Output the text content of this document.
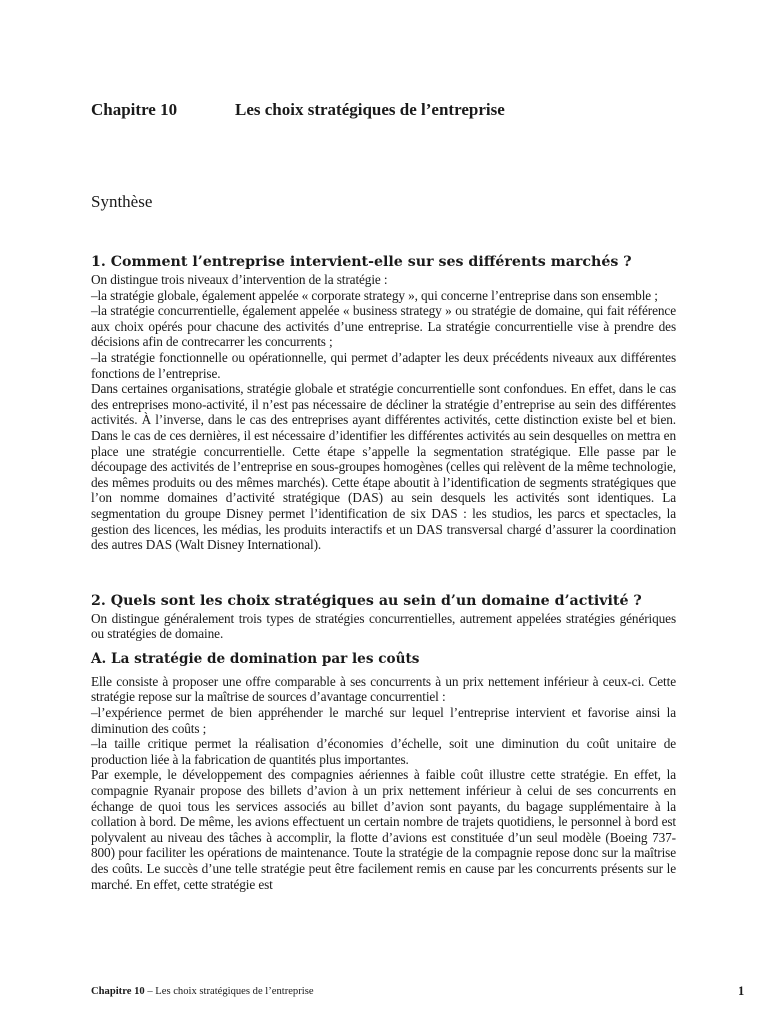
Chapitre 10	Les choix stratégiques de l’entreprise
Synthèse
1. Comment l’entreprise intervient-elle sur ses différents marchés ?

On distingue trois niveaux d’intervention de la stratégie :

–la stratégie globale, également appelée « corporate strategy », qui concerne l’entreprise dans son ensemble ;

–la stratégie concurrentielle, également appelée « business strategy » ou stratégie de domaine, qui fait référence aux choix opérés pour chacune des activités d’une entreprise. La stratégie concurrentielle vise à prendre des décisions afin de contrecarrer les concurrents ;

–la stratégie fonctionnelle ou opérationnelle, qui permet d’adapter les deux précédents niveaux aux différentes fonctions de l’entreprise.

Dans certaines organisations, stratégie globale et stratégie concurrentielle sont confondues. En effet, dans le cas des entreprises mono-activité, il n’est pas nécessaire de décliner la stratégie d’entreprise au sein des différentes activités. À l’inverse, dans le cas des entreprises ayant différentes activités, cette distinction existe bel et bien. Dans le cas de ces dernières, il est nécessaire d’identifier les différentes activités au sein desquelles on mettra en place une stratégie concurrentielle. Cette étape s’appelle la segmentation stratégique. Elle passe par le découpage des activités de l’entreprise en sous-groupes homogènes (celles qui relèvent de la même technologie, des mêmes produits ou des mêmes marchés). Cette étape aboutit à l’identification de segments stratégiques que l’on nomme domaines d’activité stratégique (DAS) au sein desquels les activités sont identiques. La segmentation du groupe Disney permet l’identification de six DAS : les studios, les parcs et spectacles, la gestion des licences, les médias, les produits interactifs et un DAS transversal chargé d’assurer la coordination des autres DAS (Walt Disney International).

2. Quels sont les choix stratégiques au sein d’un domaine d’activité ?

On distingue généralement trois types de stratégies concurrentielles, autrement appelées stratégies génériques ou stratégies de domaine.

A. La stratégie de domination par les coûts

Elle consiste à proposer une offre comparable à ses concurrents à un prix nettement inférieur à ceux-ci. Cette stratégie repose sur la maîtrise de sources d’avantage concurrentiel :

–l’expérience permet de bien appréhender le marché sur lequel l’entreprise intervient et favorise ainsi la diminution des coûts ;

–la taille critique permet la réalisation d’économies d’échelle, soit une diminution du coût unitaire de production liée à la fabrication de quantités plus importantes.

Par exemple, le développement des compagnies aériennes à faible coût illustre cette stratégie. En effet, la compagnie Ryanair propose des billets d’avion à un prix nettement inférieur à celui de ses concurrents en échange de quoi tous les services associés au billet d’avion sont payants, du bagage supplémentaire à la collation à bord. De même, les avions effectuent un certain nombre de trajets quotidiens, le personnel à bord est polyvalent au niveau des tâches à accomplir, la flotte d’avions est constituée d’un seul modèle (Boeing 737-800) pour faciliter les opérations de maintenance. Toute la stratégie de la compagnie repose donc sur la maîtrise des coûts. Le succès d’une telle stratégie peut être facilement remis en cause par les concurrents présents sur le marché. En effet, cette stratégie est

Chapitre 10 – Les choix stratégiques de l’entreprise	1
